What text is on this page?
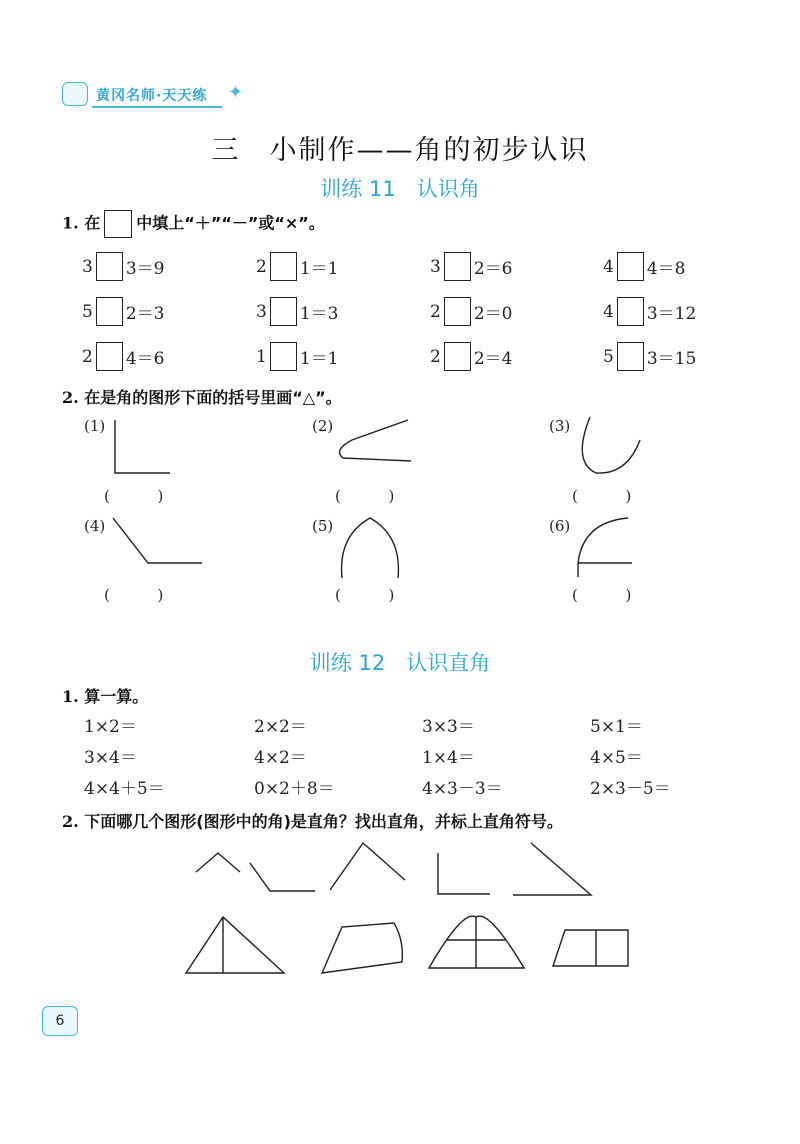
黄冈名师·天天练 ✦
三　小制作——角的初步认识
训练 11　认识角
1. 在 中填上“＋”“－”或“×”。
3 3＝9	2 1＝1	3 2＝6	4 4＝8
5 2＝3	3 1＝3	2 2＝0	4 3＝12
2 4＝6	1 1＝1	2 2＝4	5 3＝15
2. 在是角的图形下面的括号里画“△”。
(1)	(2)	(3)
(4)	(5)	(6)
(          )	(          )	(          )
(          )	(          )	(          )
训练 12　认识直角
1. 算一算。
1×2＝	2×2＝	3×3＝	5×1＝
3×4＝	4×2＝	1×4＝	4×5＝
4×4＋5＝	0×2＋8＝	4×3－3＝	2×3－5＝
2. 下面哪几个图形(图形中的角)是直角？找出直角，并标上直角符号。
6
